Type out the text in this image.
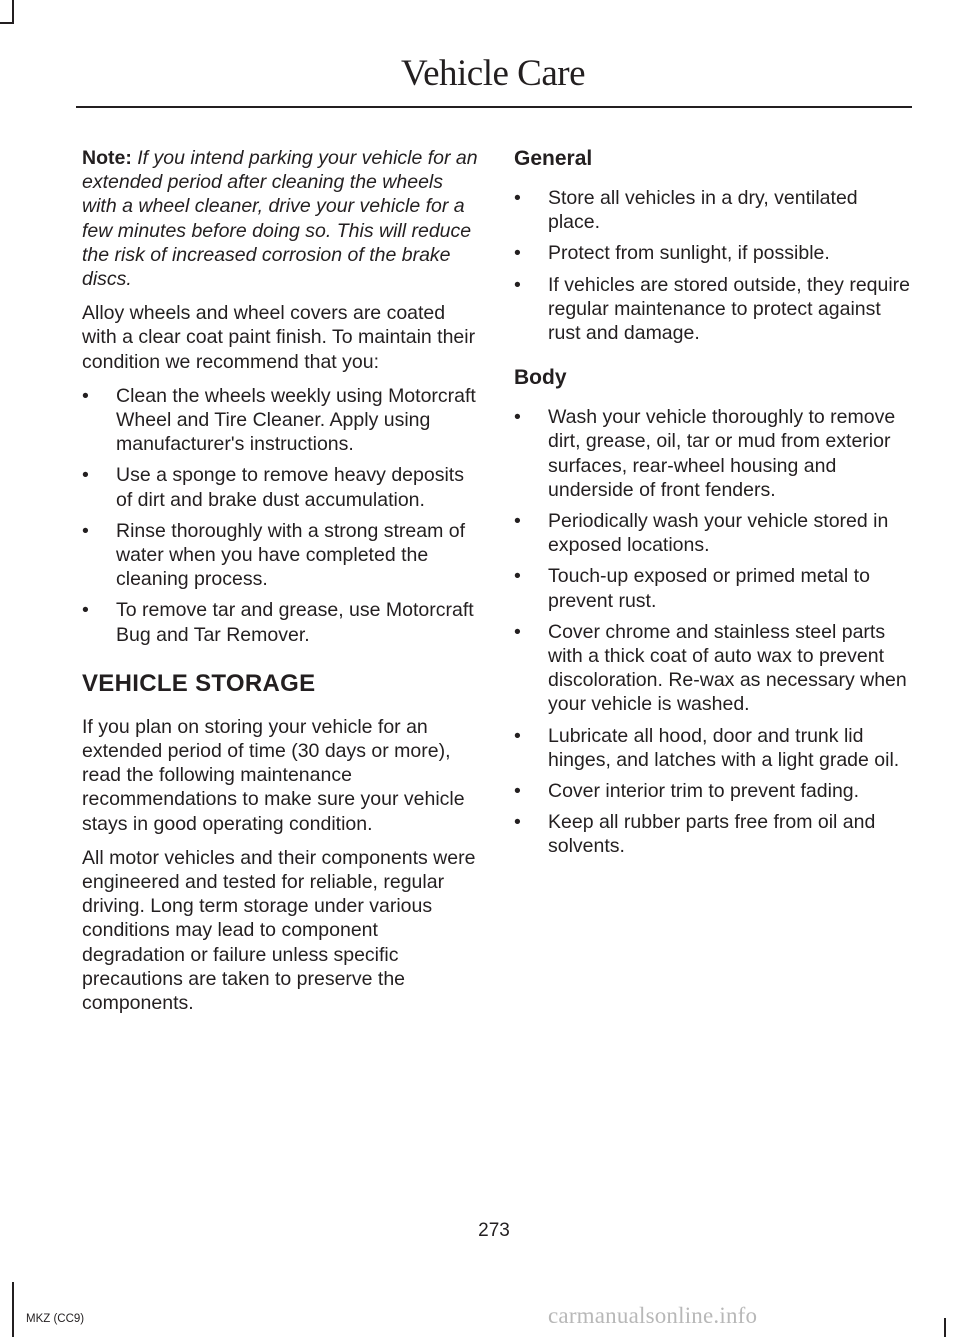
Vehicle Care

Note: If you intend parking your vehicle for an extended period after cleaning the wheels with a wheel cleaner, drive your vehicle for a few minutes before doing so. This will reduce the risk of increased corrosion of the brake discs.

Alloy wheels and wheel covers are coated with a clear coat paint finish. To maintain their condition we recommend that you:

•	Clean the wheels weekly using Motorcraft Wheel and Tire Cleaner. Apply using manufacturer's instructions.
•	Use a sponge to remove heavy deposits of dirt and brake dust accumulation.
•	Rinse thoroughly with a strong stream of water when you have completed the cleaning process.
•	To remove tar and grease, use Motorcraft Bug and Tar Remover.
VEHICLE STORAGE

If you plan on storing your vehicle for an extended period of time (30 days or more), read the following maintenance recommendations to make sure your vehicle stays in good operating condition.

All motor vehicles and their components were engineered and tested for reliable, regular driving. Long term storage under various conditions may lead to component degradation or failure unless specific precautions are taken to preserve the components.

General
•	Store all vehicles in a dry, ventilated place.
•	Protect from sunlight, if possible.
•	If vehicles are stored outside, they require regular maintenance to protect against rust and damage.
Body
•	Wash your vehicle thoroughly to remove dirt, grease, oil, tar or mud from exterior surfaces, rear-wheel housing and underside of front fenders.
•	Periodically wash your vehicle stored in exposed locations.
•	Touch-up exposed or primed metal to prevent rust.
•	Cover chrome and stainless steel parts with a thick coat of auto wax to prevent discoloration. Re-wax as necessary when your vehicle is washed.
•	Lubricate all hood, door and trunk lid hinges, and latches with a light grade oil.
•	Cover interior trim to prevent fading.
•	Keep all rubber parts free from oil and solvents.
273
MKZ (CC9)	carmanualsonline.info
